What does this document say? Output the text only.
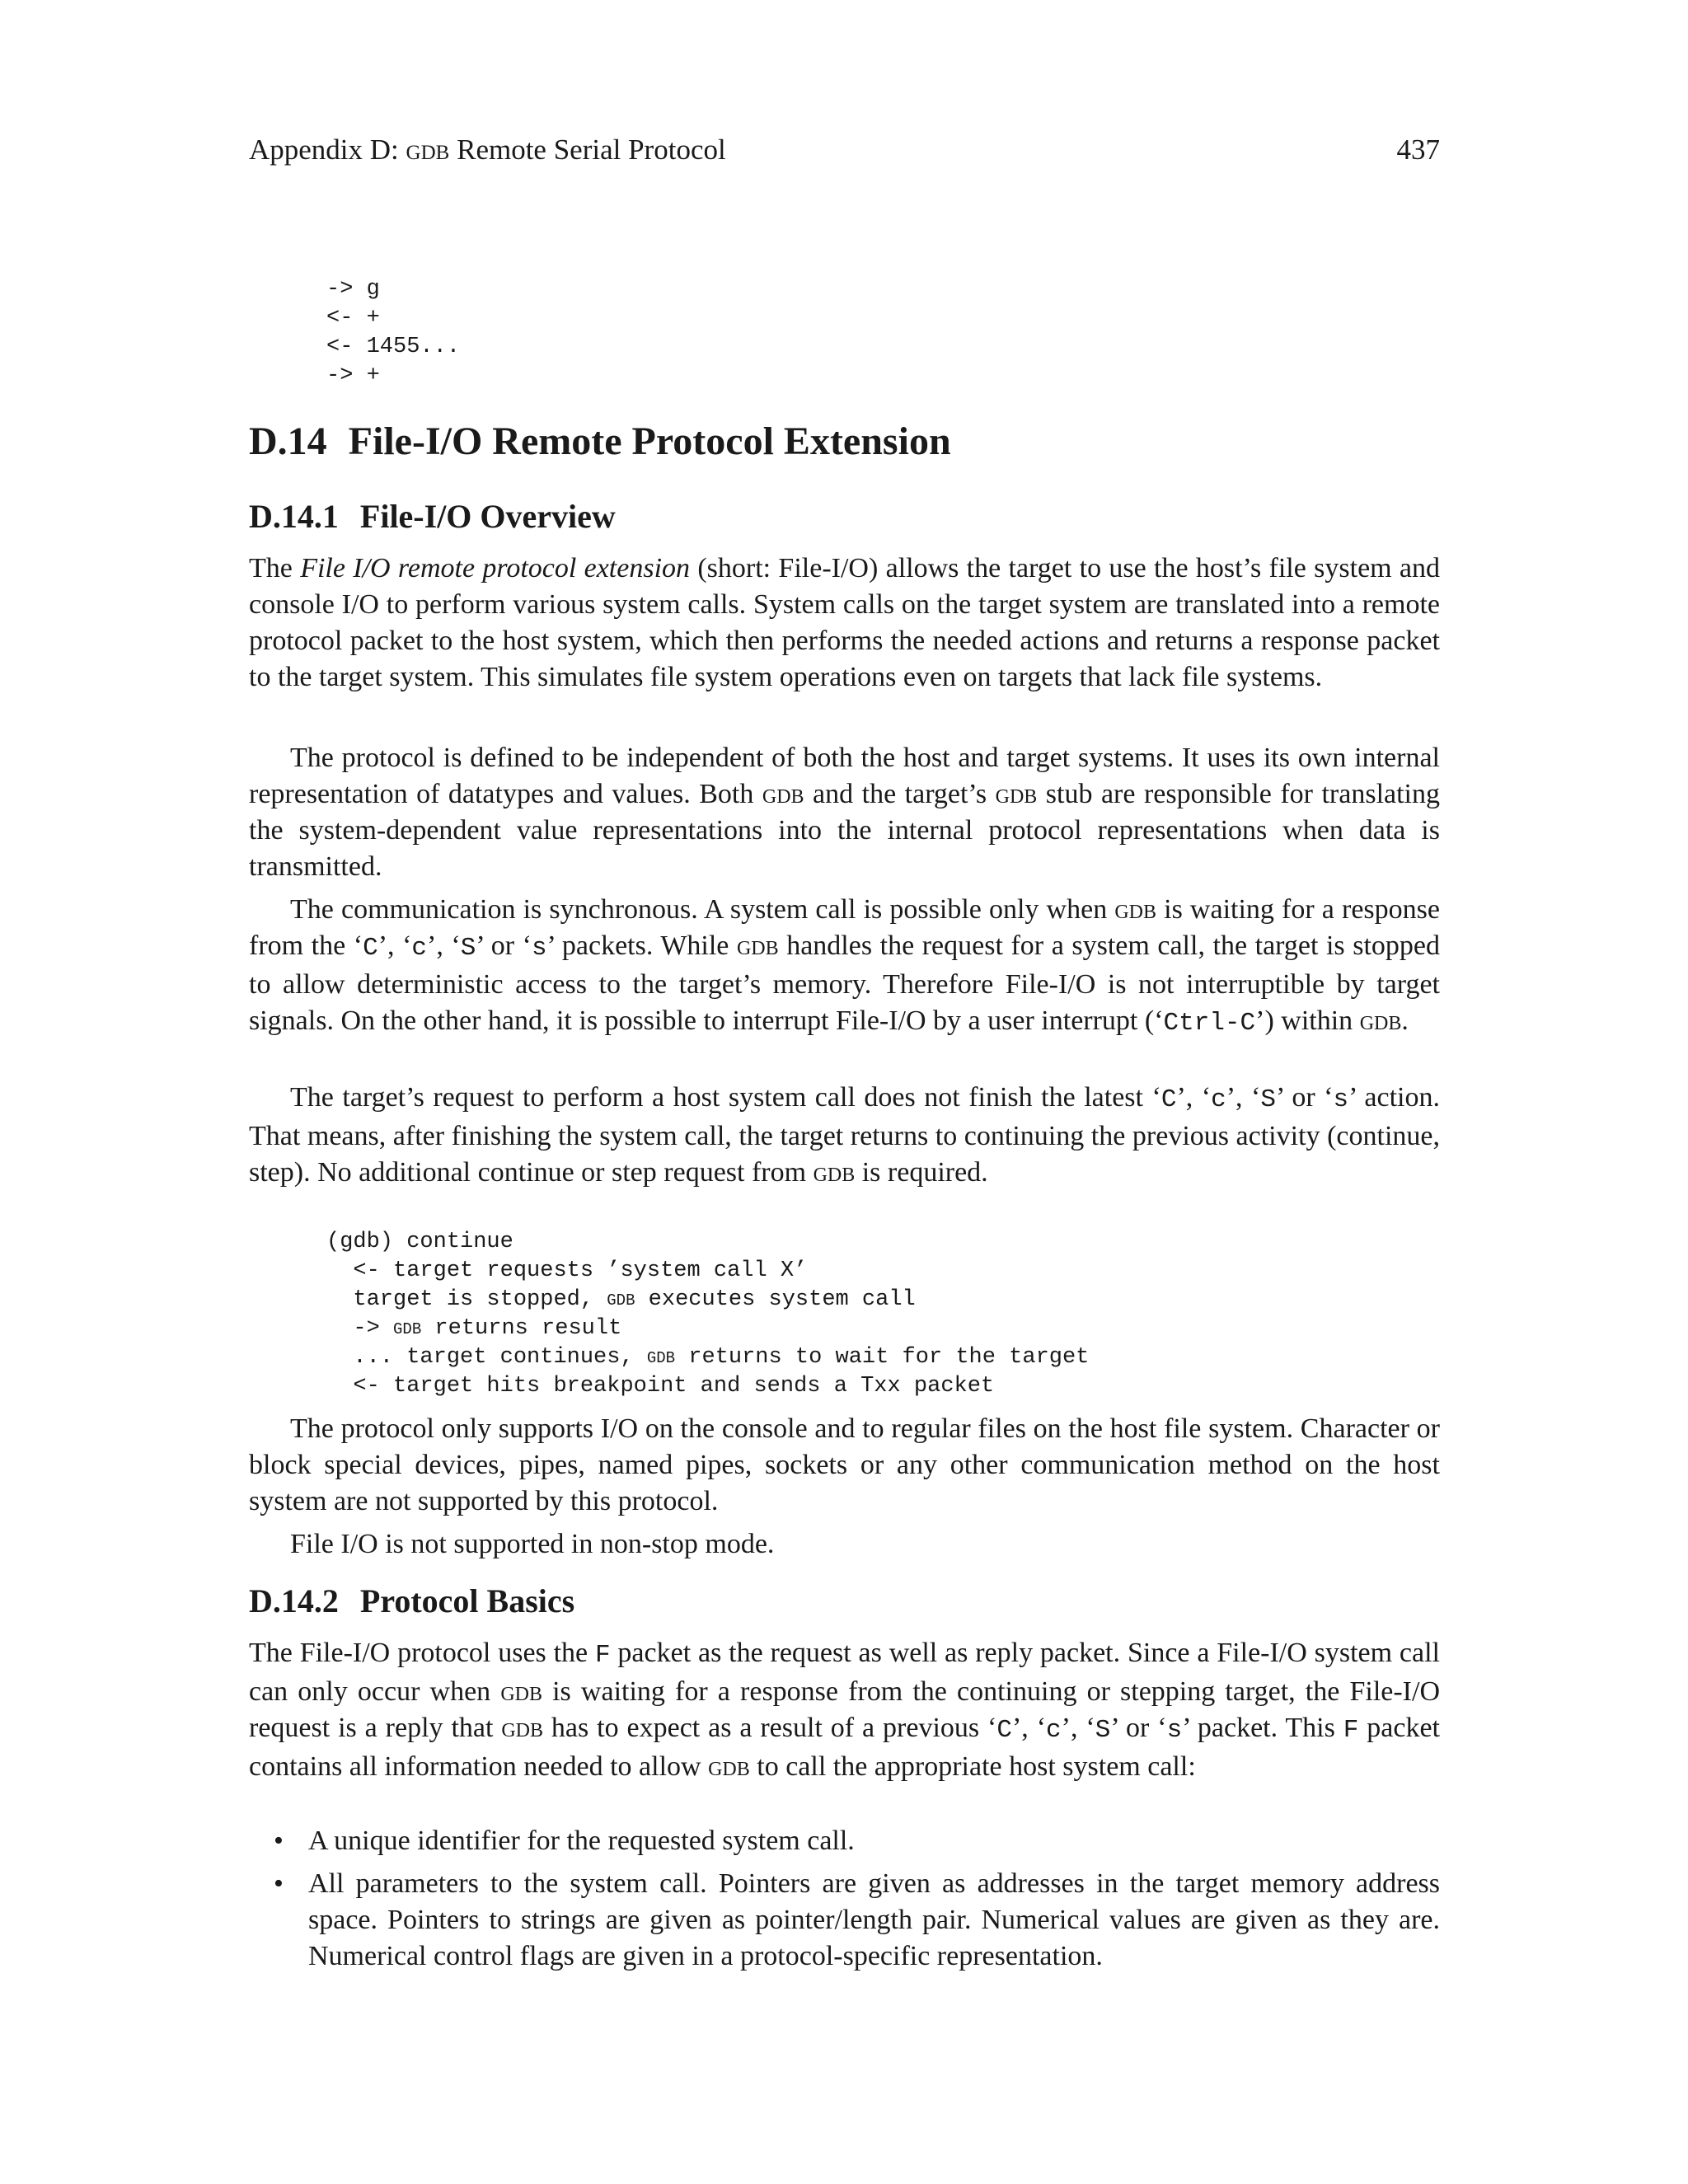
Appendix D: gdb Remote Serial Protocol	437
-> g
<- +
<- 1455...
-> +
D.14 File-I/O Remote Protocol Extension
D.14.1 File-I/O Overview

The File I/O remote protocol extension (short: File-I/O) allows the target to use the host’s file system and console I/O to perform various system calls. System calls on the target system are translated into a remote protocol packet to the host system, which then performs the needed actions and returns a response packet to the target system. This simulates file system operations even on targets that lack file systems.

The protocol is defined to be independent of both the host and target systems. It uses its own internal representation of datatypes and values. Both gdb and the target’s gdb stub are responsible for translating the system-dependent value representations into the internal protocol representations when data is transmitted.

The communication is synchronous. A system call is possible only when gdb is waiting for a response from the ‘C’, ‘c’, ‘S’ or ‘s’ packets. While gdb handles the request for a system call, the target is stopped to allow deterministic access to the target’s memory. Therefore File-I/O is not interruptible by target signals. On the other hand, it is possible to interrupt File-I/O by a user interrupt (‘Ctrl-C’) within gdb.

The target’s request to perform a host system call does not finish the latest ‘C’, ‘c’, ‘S’ or ‘s’ action. That means, after finishing the system call, the target returns to continuing the previous activity (continue, step). No additional continue or step request from gdb is required.

(gdb) continue
<- target requests ’system call X’
target is stopped, gdb executes system call
-> gdb returns result
... target continues, gdb returns to wait for the target
<- target hits breakpoint and sends a Txx packet

The protocol only supports I/O on the console and to regular files on the host file system. Character or block special devices, pipes, named pipes, sockets or any other communication method on the host system are not supported by this protocol.

File I/O is not supported in non-stop mode.

D.14.2 Protocol Basics

The File-I/O protocol uses the F packet as the request as well as reply packet. Since a File-I/O system call can only occur when gdb is waiting for a response from the continuing or stepping target, the File-I/O request is a reply that gdb has to expect as a result of a previous ‘C’, ‘c’, ‘S’ or ‘s’ packet. This F packet contains all information needed to allow gdb to call the appropriate host system call:

• A unique identifier for the requested system call.
• All parameters to the system call. Pointers are given as addresses in the target memory address space. Pointers to strings are given as pointer/length pair. Numerical values are given as they are. Numerical control flags are given in a protocol-specific representation.
